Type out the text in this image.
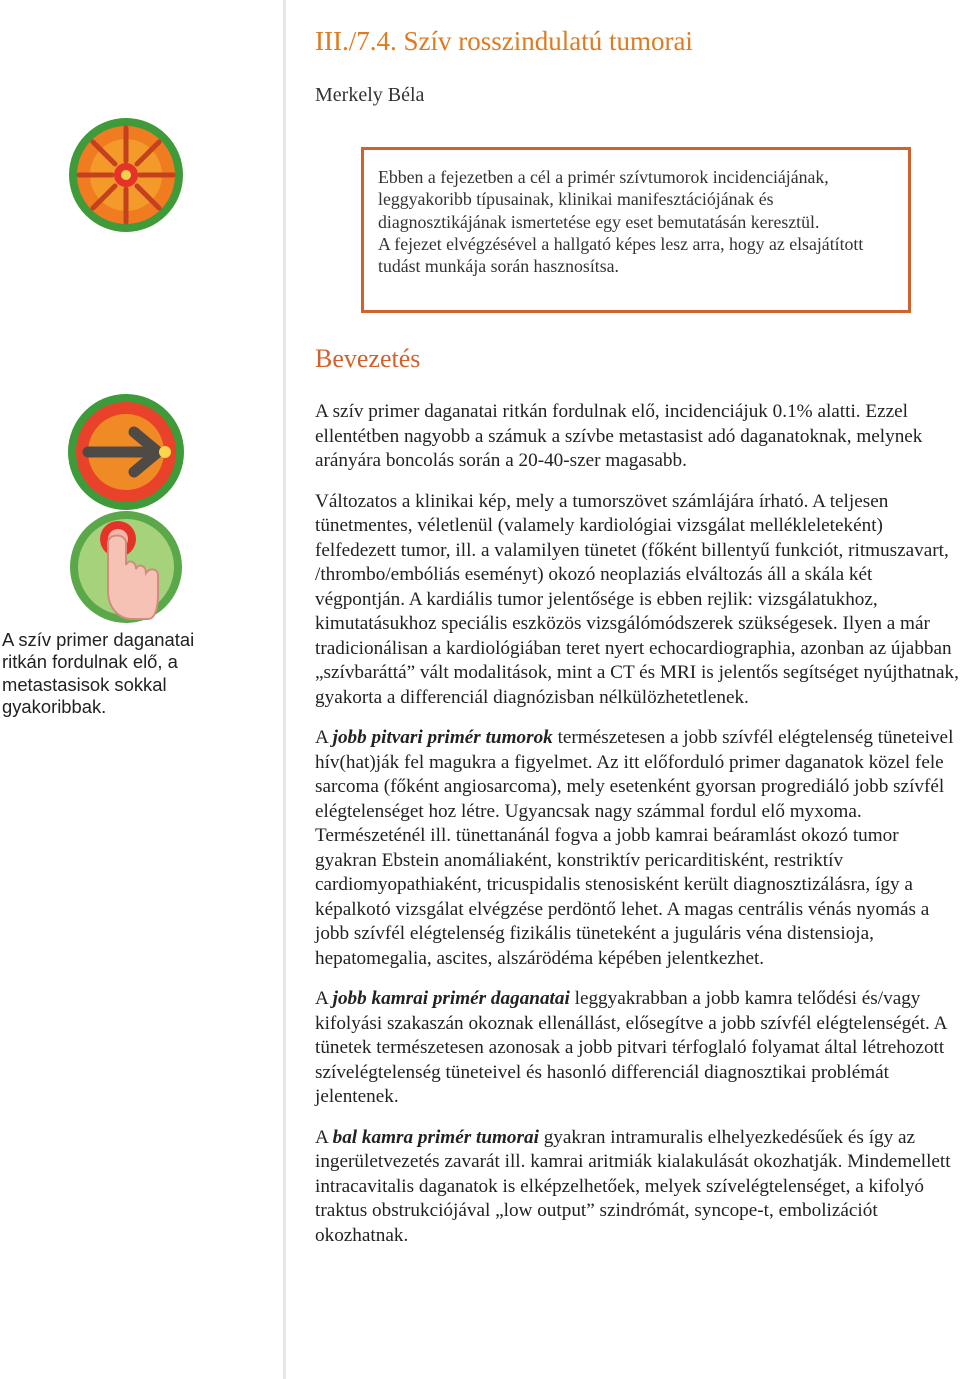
III./7.4. Szív rosszindulatú tumorai
Merkely Béla

Ebben a fejezetben a cél a primér szívtumorok incidenciájának, leggyakoribb típusainak, klinikai manifesztációjának és diagnosztikájának ismertetése egy eset bemutatásán keresztül.

A fejezet elvégzésével a hallgató képes lesz arra, hogy az elsajátított tudást munkája során hasznosítsa.

Bevezetés

A szív primer daganatai ritkán fordulnak elő, incidenciájuk 0.1% alatti. Ezzel ellentétben nagyobb a számuk a szívbe metastasist adó daganatoknak, melynek arányára boncolás során a 20-40-szer magasabb.

Változatos a klinikai kép, mely a tumorszövet számlájára írható. A teljesen tünetmentes, véletlenül (valamely kardiológiai vizsgálat mellékleleteként) felfedezett tumor, ill. a valamilyen tünetet (főként billentyű funkciót, ritmuszavart, /thrombo/embóliás eseményt) okozó neoplaziás elváltozás áll a skála két végpontján. A kardiális tumor jelentősége is ebben rejlik: vizsgálatukhoz, kimutatásukhoz speciális eszközös vizsgálómódszerek szükségesek. Ilyen a már tradicionálisan a kardiológiában teret nyert echocardiographia, azonban az újabban „szívbaráttá” vált modalitások, mint a CT és MRI is jelentős segítséget nyújthatnak, gyakorta a differenciál diagnózisban nélkülözhetetlenek.

A jobb pitvari primér tumorok természetesen a jobb szívfél elégtelenség tüneteivel hív(hat)ják fel magukra a figyelmet. Az itt előforduló primer daganatok közel fele sarcoma (főként angiosarcoma), mely esetenként gyorsan progrediáló jobb szívfél elégtelenséget hoz létre. Ugyancsak nagy számmal fordul elő myxoma. Természeténél ill. tünettanánál fogva a jobb kamrai beáramlást okozó tumor gyakran Ebstein anomáliaként, konstriktív pericarditisként, restriktív cardiomyopathiaként, tricuspidalis stenosisként került diagnosztizálásra, így a képalkotó vizsgálat elvégzése perdöntő lehet. A magas centrális vénás nyomás a jobb szívfél elégtelenség fizikális tüneteként a juguláris véna distensioja, hepatomegalia, ascites, alszárödéma képében jelentkezhet.

A jobb kamrai primér daganatai leggyakrabban a jobb kamra telődési és/vagy kifolyási szakaszán okoznak ellenállást, elősegítve a jobb szívfél elégtelenségét. A tünetek természetesen azonosak a jobb pitvari térfoglaló folyamat által létrehozott szívelégtelenség tüneteivel és hasonló differenciál diagnosztikai problémát jelentenek.

A bal kamra primér tumorai gyakran intramuralis elhelyezkedésűek és így az ingerületvezetés zavarát ill. kamrai aritmiák kialakulását okozhatják. Mindemellett intracavitalis daganatok is elképzelhetőek, melyek szívelégtelenséget, a kifolyó traktus obstrukciójával „low output” szindrómát, syncope-t, embolizációt okozhatnak.

A szív primer daganatai ritkán fordulnak elő, a metastasisok sokkal gyakoribbak.
